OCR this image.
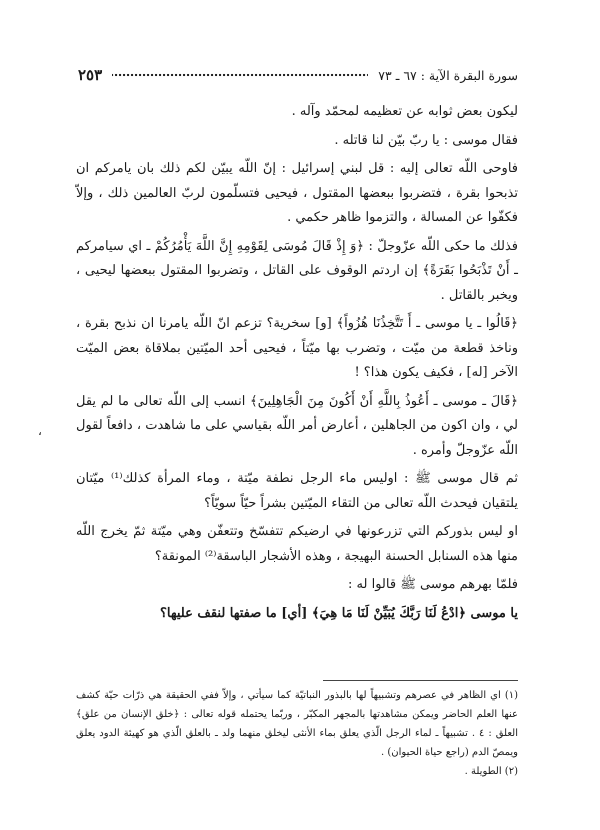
سورة البقرة الآية : ٦٧ ـ ٧٣
٢٥٣

ليكون بعض ثوابه عن تعظيمه لمحمّد وآله .

فقال موسى : يا ربّ بيّن لنا قاتله .

فاوحى اللّه تعالى إليه : قل لبني إسرائيل : إنّ اللّه يبيّن لكم ذلك بان يامركم ان تذبحوا بقرة ، فتضربوا ببعضها المقتول ، فيحيى فتسلّمون لربّ العالمين ذلك ، وإلاّ فكفّوا عن المسالة ، والتزموا ظاهر حكمي .

فذلك ما حكى اللّه عزّوجلّ : ﴿وَ إِذْ قَالَ مُوسَى لِقَوْمِهِ إِنَّ اللَّهَ يَأْمُرُكُمْ ـ اي سيامركم ـ أَنْ تَذْبَحُوا بَقَرَةً﴾ إن اردتم الوقوف على القاتل ، وتضربوا المقتول ببعضها ليحيى ، ويخبر بالقاتل .

﴿قَالُوا ـ يا موسى ـ أَ تَتَّخِذُنَا هُزُواً﴾ [و] سخرية؟ تزعم انّ اللّه يامرنا ان نذبح بقرة ، وناخذ قطعة من ميّت ، وتضرب بها ميّتاً ، فيحيى أحد الميّتين بملاقاة بعض الميّت الآخر [له] ، فكيف يكون هذا؟ !

﴿قَالَ ـ موسى ـ أَعُوذُ بِاللَّهِ أَنْ أَكُونَ مِنَ الْجَاهِلِينَ﴾ انسب إلى اللّه تعالى ما لم يقل لي ، وان اكون من الجاهلين ، أعارض أمر اللّه بقياسي على ما شاهدت ، دافعاً لقول اللّه عزّوجلّ وأمره .

ثم قال موسى ﷺ : اوليس ماء الرجل نطفة ميّتة ، وماء المرأة كذلك⁽¹⁾ ميّتان يلتقيان فيحدث اللّه تعالى من التقاء الميّتين بشراً حيّاً سويّاً؟

او ليس بذوركم التي تزرعونها في ارضيكم تتفسّخ وتتعفّن وهي ميّتة ثمّ يخرج اللّه منها هذه السنابل الحسنة البهيجة ، وهذه الأشجار الباسقة⁽²⁾ المونقة؟

فلمّا بهرهم موسى ﷺ قالوا له :

يا موسى ﴿ادْعُ لَنَا رَبَّكَ يُبَيِّنْ لَنَا مَا هِيَ﴾ [أي] ما صفتها لنقف عليها؟

،

(١) اي الظاهر في عصرهم وتشبيهاً لها بالبذور النباتيّة كما سيأتي ، وإلاّ ففي الحقيقة هي ذرّات حيّة كشف عنها العلم الحاضر ويمكن مشاهدتها بالمجهر المكبّر ، وربّما يحتمله قوله تعالى : ﴿خلق الإنسان من علق﴾ العلق : ٤ . تشبيهاً ـ لماء الرجل الّذي يعلق بماء الأنثى ليخلق منهما ولد ـ بالعلق الّذي هو كهيئة الدود يعلق ويمصّ الدم (راجع حياة الحيوان) .

(٢) الطويلة .
